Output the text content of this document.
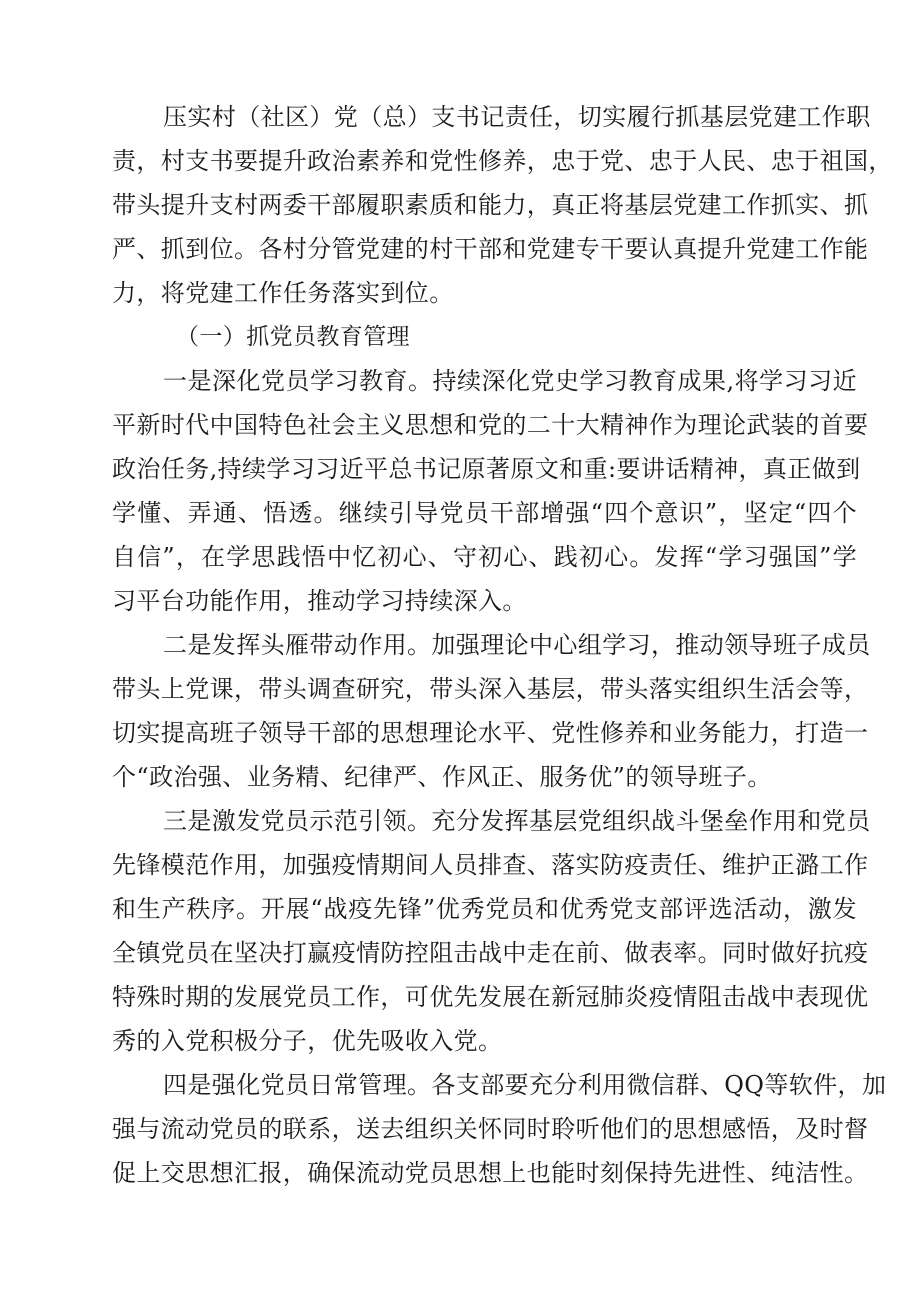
压实村（社区）党（总）支书记责任，切实履行抓基层党建工作职
责，村支书要提升政治素养和党性修养，忠于党、忠于人民、忠于祖国，
带头提升支村两委干部履职素质和能力，真正将基层党建工作抓实、抓
严、抓到位。各村分管党建的村干部和党建专干要认真提升党建工作能
力，将党建工作任务落实到位。
（一）抓党员教育管理
一是深化党员学习教育。持续深化党史学习教育成果,将学习习近
平新时代中国特色社会主义思想和党的二十大精神作为理论武装的首要
政治任务,持续学习习近平总书记原著原文和重:要讲话精神，真正做到
学懂、弄通、悟透。继续引导党员干部增强“四个意识”，坚定“四个
自信”，在学思践悟中忆初心、守初心、践初心。发挥“学习强国”学
习平台功能作用，推动学习持续深入。
二是发挥头雁带动作用。加强理论中心组学习，推动领导班子成员
带头上党课，带头调查研究，带头深入基层，带头落实组织生活会等，
切实提高班子领导干部的思想理论水平、党性修养和业务能力，打造一
个“政治强、业务精、纪律严、作风正、服务优”的领导班子。
三是激发党员示范引领。充分发挥基层党组织战斗堡垒作用和党员
先锋模范作用，加强疫情期间人员排查、落实防疫责任、维护正潞工作
和生产秩序。开展“战疫先锋”优秀党员和优秀党支部评选活动，激发
全镇党员在坚决打赢疫情防控阻击战中走在前、做表率。同时做好抗疫
特殊时期的发展党员工作，可优先发展在新冠肺炎疫情阻击战中表现优
秀的入党积极分子，优先吸收入党。
四是强化党员日常管理。各支部要充分利用微信群、QQ等软件，加
强与流动党员的联系，送去组织关怀同时聆听他们的思想感悟，及时督
促上交思想汇报，确保流动党员思想上也能时刻保持先进性、纯洁性。
